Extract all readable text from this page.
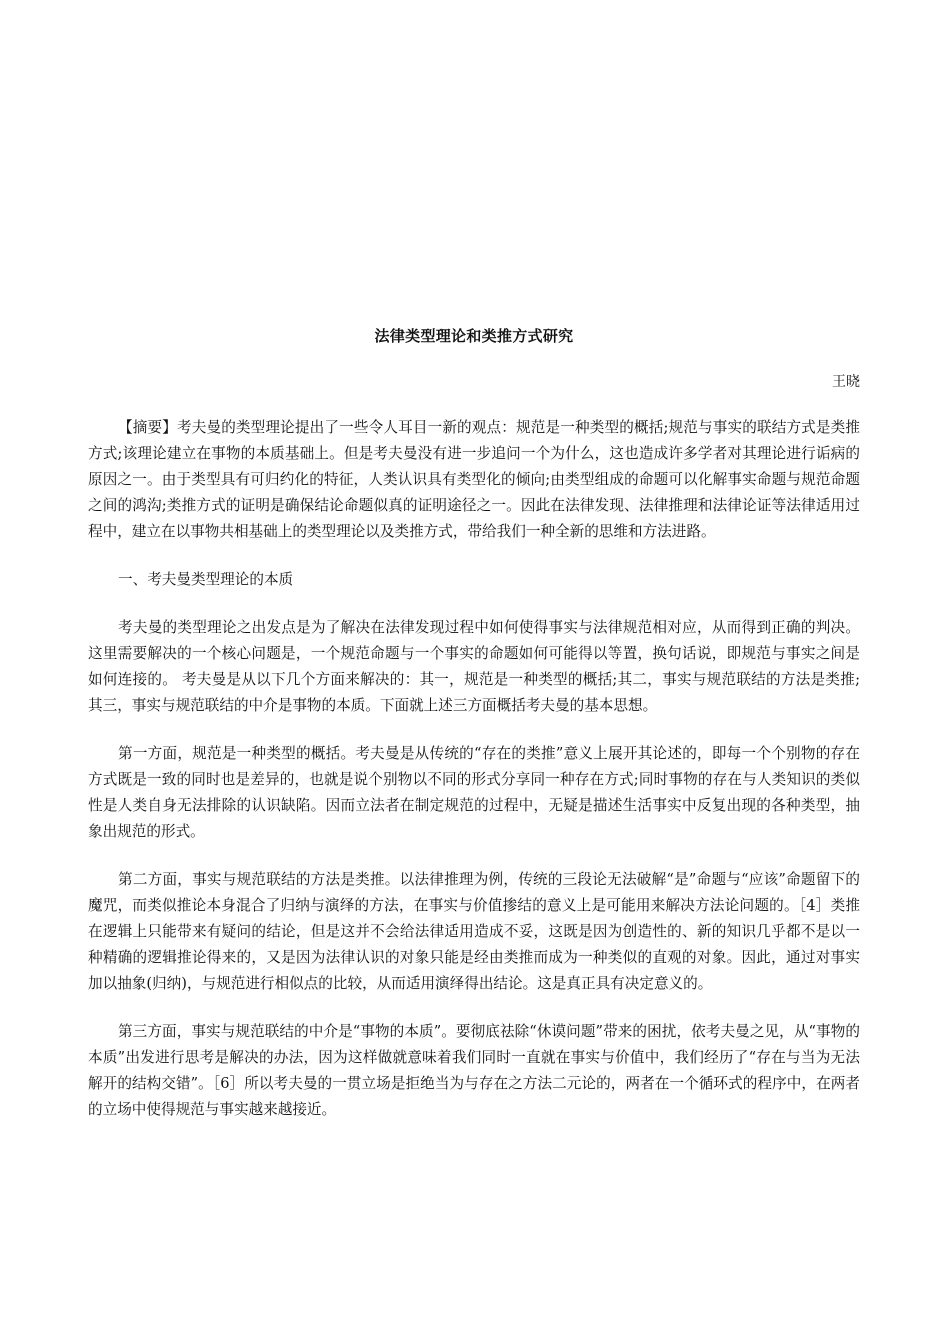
法律类型理论和类推方式研究
王晓

【摘要】考夫曼的类型理论提出了一些令人耳目一新的观点：规范是一种类型的概括;规范与事实的联结方式是类推方式;该理论建立在事物的本质基础上。但是考夫曼没有进一步追问一个为什么，这也造成许多学者对其理论进行诟病的原因之一。由于类型具有可归约化的特征，人类认识具有类型化的倾向;由类型组成的命题可以化解事实命题与规范命题之间的鸿沟;类推方式的证明是确保结论命题似真的证明途径之一。因此在法律发现、法律推理和法律论证等法律适用过程中，建立在以事物共相基础上的类型理论以及类推方式，带给我们一种全新的思维和方法进路。

一、考夫曼类型理论的本质

考夫曼的类型理论之出发点是为了解决在法律发现过程中如何使得事实与法律规范相对应，从而得到正确的判决。 这里需要解决的一个核心问题是，一个规范命题与一个事实的命题如何可能得以等置，换句话说，即规范与事实之间是如何连接的。 考夫曼是从以下几个方面来解决的：其一，规范是一种类型的概括;其二，事实与规范联结的方法是类推;其三，事实与规范联结的中介是事物的本质。下面就上述三方面概括考夫曼的基本思想。

第一方面，规范是一种类型的概括。考夫曼是从传统的“存在的类推”意义上展开其论述的，即每一个个别物的存在方式既是一致的同时也是差异的，也就是说个别物以不同的形式分享同一种存在方式;同时事物的存在与人类知识的类似性是人类自身无法排除的认识缺陷。因而立法者在制定规范的过程中，无疑是描述生活事实中反复出现的各种类型，抽象出规范的形式。

第二方面，事实与规范联结的方法是类推。以法律推理为例，传统的三段论无法破解“是”命题与“应该”命题留下的魔咒，而类似推论本身混合了归纳与演绎的方法，在事实与价值掺结的意义上是可能用来解决方法论问题的。［4］类推在逻辑上只能带来有疑问的结论，但是这并不会给法律适用造成不妥，这既是因为创造性的、新的知识几乎都不是以一种精确的逻辑推论得来的，又是因为法律认识的对象只能是经由类推而成为一种类似的直观的对象。因此，通过对事实加以抽象(归纳)，与规范进行相似点的比较，从而适用演绎得出结论。这是真正具有决定意义的。

第三方面，事实与规范联结的中介是“事物的本质”。要彻底祛除“休谟问题”带来的困扰，依考夫曼之见，从“事物的本质”出发进行思考是解决的办法，因为这样做就意味着我们同时一直就在事实与价值中，我们经历了“存在与当为无法解开的结构交错”。［6］所以考夫曼的一贯立场是拒绝当为与存在之方法二元论的，两者在一个循环式的程序中，在两者的立场中使得规范与事实越来越接近。
